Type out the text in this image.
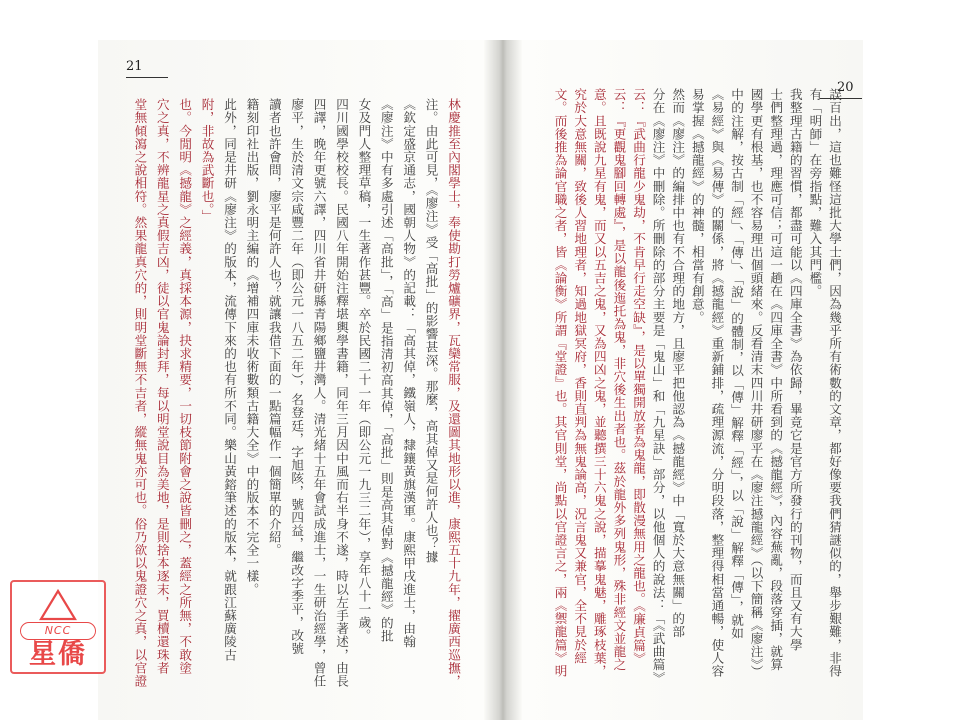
21
林慶推至內閣學士，奉使勘打勞爐礦界，瓦欒常服，及還圖其地形以進，康熙五十九年，擢廣西巡撫，
注。由此可見，《廖注》受「高批」的影響甚深。那麼，高其倬又是何許人也？據
《欽定盛京通志，國朝人物》的記載：「高其倬，鐵嶺人，隸鑲黃旗漢軍。康熙甲戌進士，由翰
《廖注》中有多處引述「高批」，「高」是指清初高其倬，「高批」則是高其倬對《撼龍經》的批
女及門人整理草稿，一生著作甚豐。卒於民國二十一年（即公元一九三二年），享年八十一歲。
四川國學校校長。民國八年開始注釋堪輿學書籍，同年三月因中風而右半身不遂，時以左手著述，由長
四譯，晚年更號六譯，四川省井研縣青陽鄉鹽井灣人。清光緒十五年會試成進士，一生研治經學，曾任
廖平，生於清文宗咸豐二年（即公元一八五二年），名登廷，字旭陔，號四益，繼改字季平，改號
讀者也許會問，廖平是何許人也？就讓我借下面的一點篇幅作一個簡單的介紹。
籍刻印社出版，劉永明主編的《增補四庫未收術數類古籍大全》中的版本不完全一樣。
此外，同是井研《廖注》的版本，流傳下來的也有所不同。樂山黃鎔筆述的版本，就跟江蘇廣陵古
附，非故為武斷也。」
也。今閒明《撼龍》之經義，真採本源，抉求精要，一切枝節附會之說皆刪之，蓋經之所無，不敢塗
穴之真，不辨龍星之真假吉凶，徒以官鬼論封拜，每以明堂說目為美地，是則捨本逐末，買櫝還珠者
堂無傾瀉之說相符。然果龍真穴的，則明堂斷無不吉者，縱無鬼亦可也。俗乃欲以鬼證穴之真，以官證
20
誤百出，這也難怪這批大學士們，因為幾乎所有術數的文章，都好像要我們猜謎似的，舉步艱難，非得
有「明師」在旁指點，難入其門檻。
我整理古籍的習慣，都盡可能以《四庫全書》為依歸，畢竟它是官方所發行的刊物，而且又有大學
士們整理過，理應可信；可這一趟在《四庫全書》中所看到的《撼龍經》，內容蕪亂，段落穿插，就算
國學更有根基，也不容易理出個頭緒來。反看清末四川井研廖平在《廖注撼龍經》（以下簡稱《廖注》）
中的注解，按古制「經」、「傳」、「說」的體制，以「傳」解釋「經」，以「說」解釋「傳」，就如
《易經》與《易傳》的關係，將《撼龍經》重新鋪排，疏理源流，分明段落，整理得相當通暢，使人容
易掌握《撼龍經》的神髓，相當有創意。
然而《廖注》的編排中也有不合理的地方，且廖平把他認為《撼龍經》中「寬於大意無關」的部
分在《廖注》中刪除。所刪除的部分主要是「鬼山」和「九星訣」部分，以他個人的說法：「《武曲篇》
云：『武曲行龍少鬼劫，不肯早行走空缺』，是以單獨開放者為鬼龍，即散漫無用之龍也。《廉貞篇》
云：『更觀鬼腳回轉處』，是以龍後迤托為鬼，非穴後生出者也。茲於龍外多列鬼形，殊非經文並龍之
意。且既說九星有鬼，而又以五吉之鬼，又為四凶之鬼，並聽撰三十六鬼之說，描摹鬼魅，雕琢枝葉，
究於大意無關，致後人習地理者，知過地獄冥府，香則直判為無鬼論高，況言鬼又兼官，全不見於經
文。而後推為論官職之者，皆《論衡》所謂『堂證』也。其官則堂，尚點以官證言之，兩《禦龍篇》明
NCC
星僑
